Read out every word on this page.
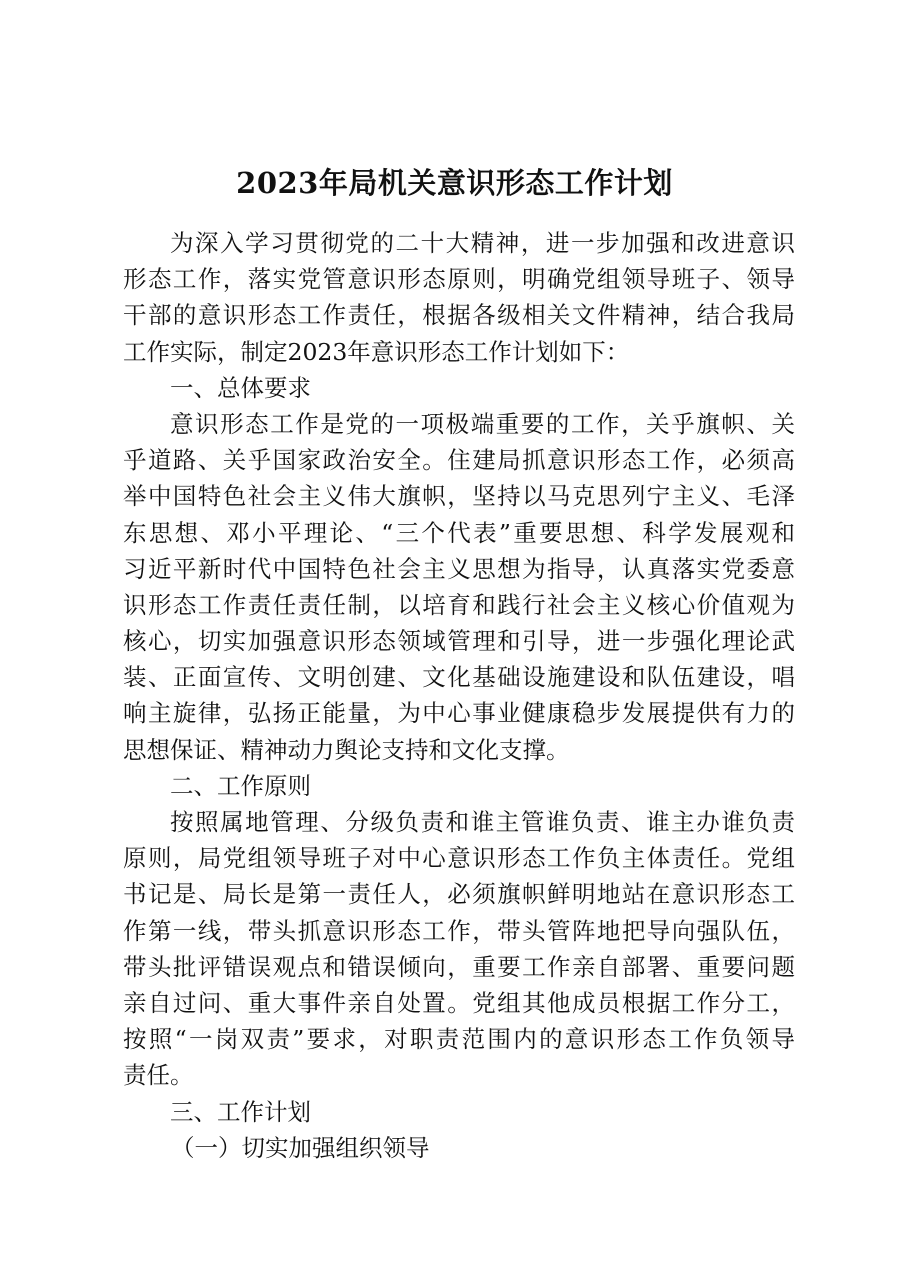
2023年局机关意识形态工作计划
为深入学习贯彻党的二十大精神，进一步加强和改进意识
形态工作，落实党管意识形态原则，明确党组领导班子、领导
干部的意识形态工作责任，根据各级相关文件精神，结合我局
工作实际，制定2023年意识形态工作计划如下：
一、总体要求
意识形态工作是党的一项极端重要的工作，关乎旗帜、关
乎道路、关乎国家政治安全。住建局抓意识形态工作，必须高
举中国特色社会主义伟大旗帜，坚持以马克思列宁主义、毛泽
东思想、邓小平理论、“三个代表”重要思想、科学发展观和
习近平新时代中国特色社会主义思想为指导，认真落实党委意
识形态工作责任责任制，以培育和践行社会主义核心价值观为
核心，切实加强意识形态领域管理和引导，进一步强化理论武
装、正面宣传、文明创建、文化基础设施建设和队伍建设，唱
响主旋律，弘扬正能量，为中心事业健康稳步发展提供有力的
思想保证、精神动力舆论支持和文化支撑。
二、工作原则
按照属地管理、分级负责和谁主管谁负责、谁主办谁负责
原则，局党组领导班子对中心意识形态工作负主体责任。党组
书记是、局长是第一责任人，必须旗帜鲜明地站在意识形态工
作第一线，带头抓意识形态工作，带头管阵地把导向强队伍，
带头批评错误观点和错误倾向，重要工作亲自部署、重要问题
亲自过问、重大事件亲自处置。党组其他成员根据工作分工，
按照“一岗双责”要求，对职责范围内的意识形态工作负领导
责任。
三、工作计划
（一）切实加强组织领导
